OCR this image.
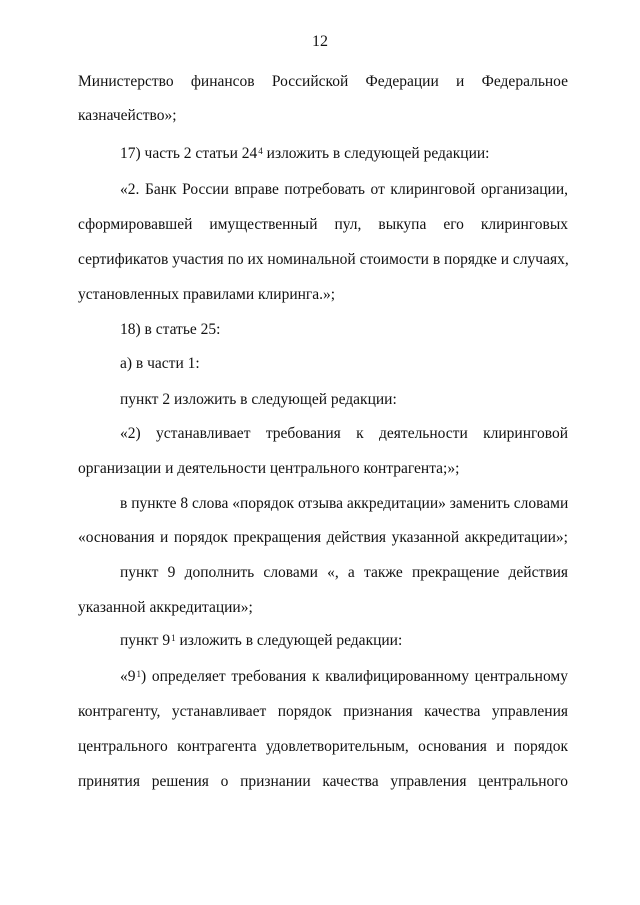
12
Министерство финансов Российской Федерации и Федеральное
казначейство»;
17) часть 2 статьи $24^4$ изложить в следующей редакции:
«2. Банк России вправе потребовать от клиринговой организации,
сформировавшей имущественный пул, выкупа его клиринговых
сертификатов участия по их номинальной стоимости в порядке и случаях,
установленных правилами клиринга.»;
18) в статье 25:
а) в части 1:
пункт 2 изложить в следующей редакции:
«2) устанавливает требования к деятельности клиринговой
организации и деятельности центрального контрагента;»;
в пункте 8 слова «порядок отзыва аккредитации» заменить словами
«основания и порядок прекращения действия указанной аккредитации»;
пункт 9 дополнить словами «, а также прекращение действия
указанной аккредитации»;
пункт $9^1$ изложить в следующей редакции:
«$9^1$) определяет требования к квалифицированному центральному
контрагенту, устанавливает порядок признания качества управления
центрального контрагента удовлетворительным, основания и порядок
принятия решения о признании качества управления центрального
